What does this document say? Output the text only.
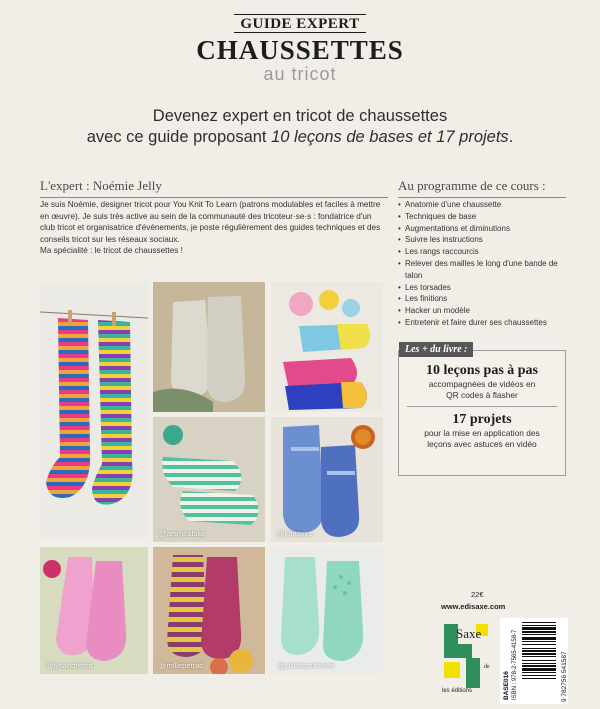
GUIDE EXPERT
CHAUSSETTES
au tricot
Devenez expert en tricot de chaussettes
avec ce guide proposant 10 leçons de bases et 17 projets.
L'expert : Noémie Jelly

Je suis Noémie, designer tricot pour You Knit To Learn (patrons modulables et faciles à mettre en œuvre). Je suis très active au sein de la communauté des tricoteur·se·s : fondatrice d'un club tricot et organisatrice d'événements, je poste régulièrement des guides techniques et des conseils tricot sur les réseaux sociaux.

Ma spécialité : le tricot de chaussettes !

Au programme de ce cours :
• Anatomie d'une chaussette
• Techniques de base
• Augmentations et diminutions
• Suivre les instructions
• Les rangs raccourcis
• Relever des mailles le long d'une bande de talon
• Les torsades
• Les finitions
• Hacker un modèle
• Entretenir et faire durer ses chaussettes
Les + du livre :
10 leçons pas à pas
accompagnées de vidéos en QR codes à flasher
17 projets
pour la mise en application des leçons avec astuces en vidéo
@arsmirabilia	@knitspirit
@lysandrehrd	@millepetrac	@juliettemichelet
22€
www.edisaxe.com
Saxe
de
les éditions	BASE016 ISBN : 978-2-7565-4158-7	9 782756 541587
